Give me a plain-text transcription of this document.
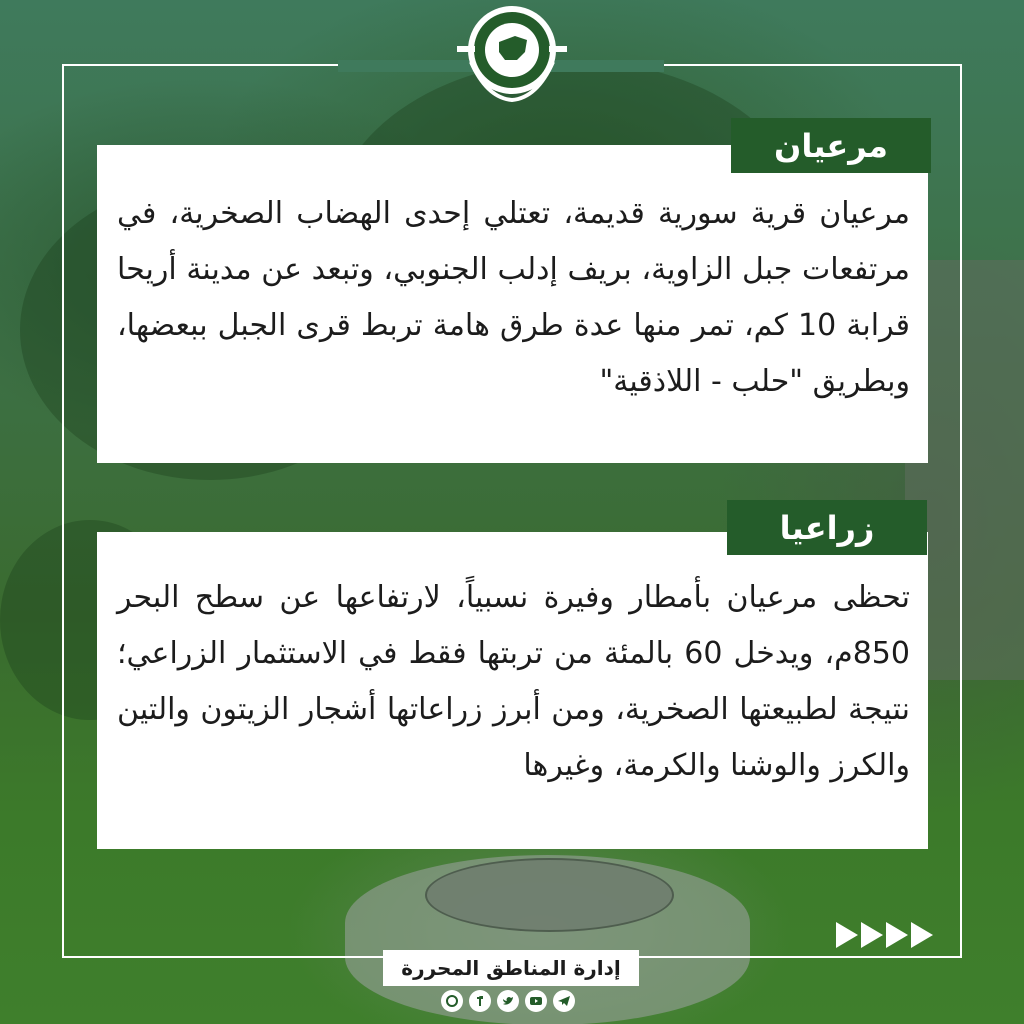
مرعيان
مرعيان قرية سورية قديمة، تعتلي إحدى الهضاب الصخرية، في مرتفعات جبل الزاوية، بريف إدلب الجنوبي، وتبعد عن مدينة أريحا قرابة 10 كم، تمر منها عدة طرق هامة تربط قرى الجبل ببعضها، وبطريق "حلب - اللاذقية"
زراعيا
تحظى مرعيان بأمطار وفيرة نسبياً، لارتفاعها عن سطح البحر 850م، ويدخل 60 بالمئة من تربتها فقط في الاستثمار الزراعي؛ نتيجة لطبيعتها الصخرية، ومن أبرز زراعاتها أشجار الزيتون والتين والكرز والوشنا والكرمة، وغيرها
إدارة المناطق المحررة
